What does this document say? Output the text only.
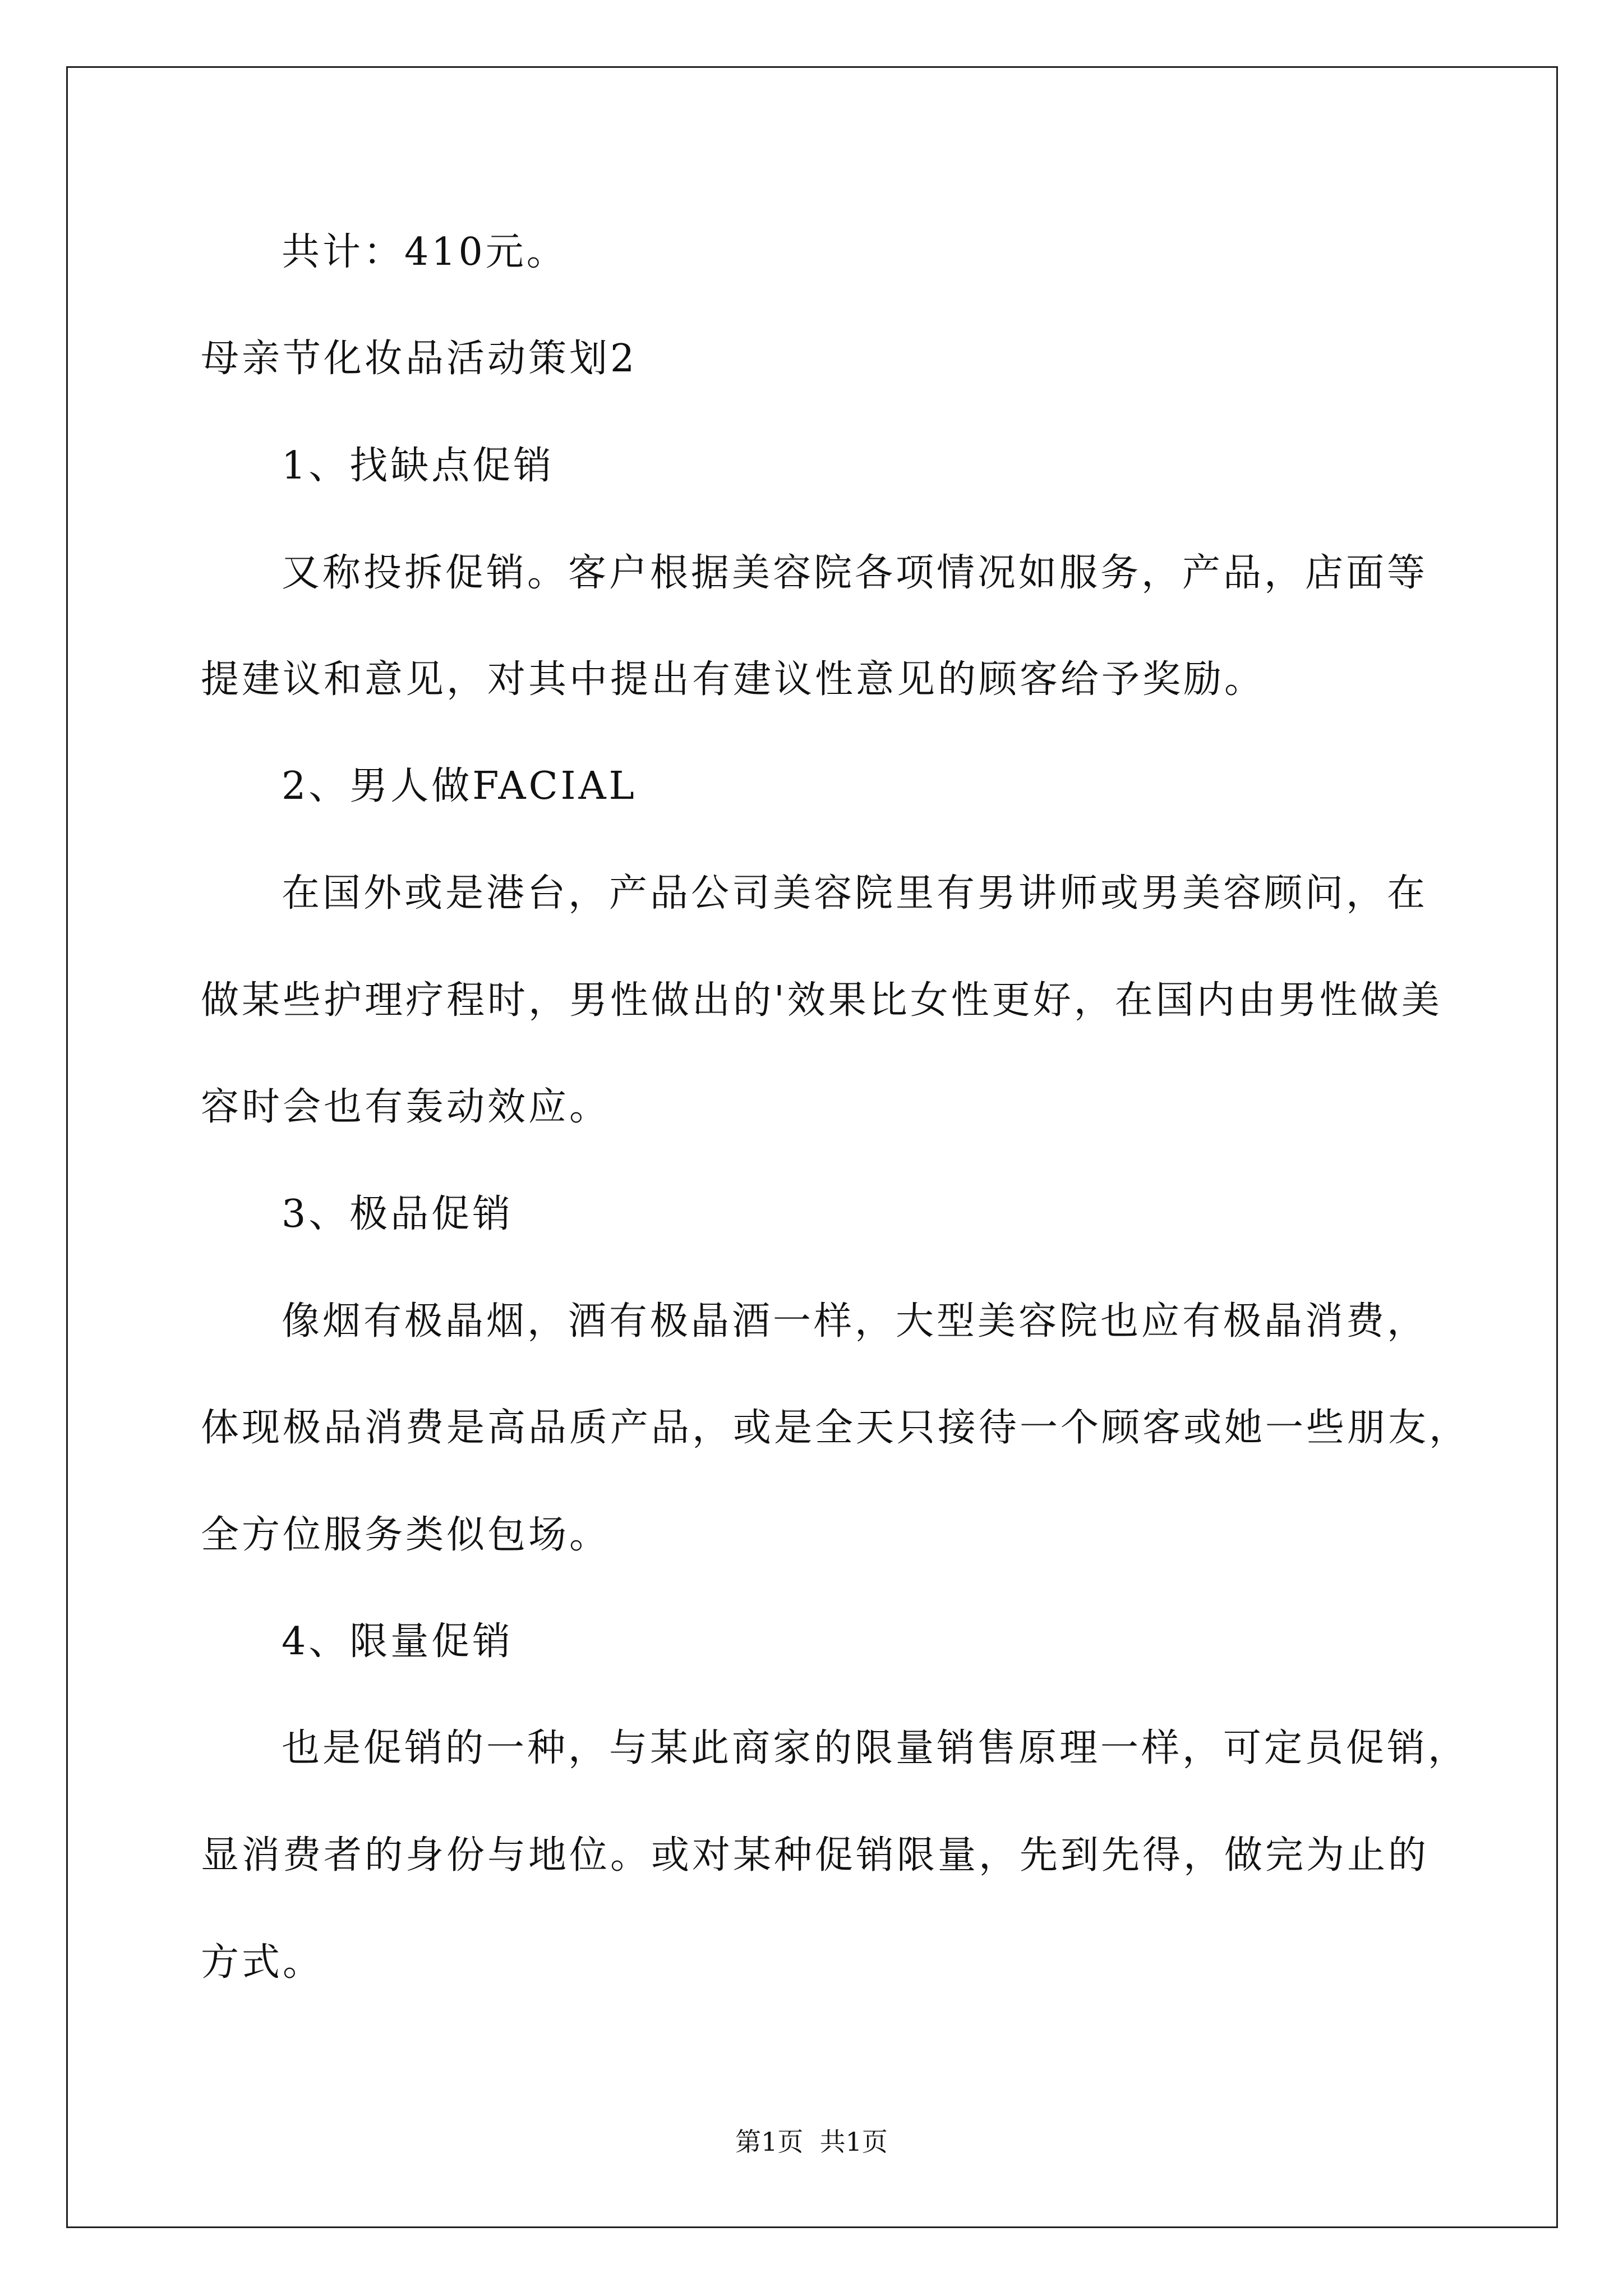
共计：410元。
母亲节化妆品活动策划2
1、找缺点促销
又称投拆促销。客户根据美容院各项情况如服务，产品，店面等
提建议和意见，对其中提出有建议性意见的顾客给予奖励。
2、男人做FACIAL
在国外或是港台，产品公司美容院里有男讲师或男美容顾问，在
做某些护理疗程时，男性做出的'效果比女性更好，在国内由男性做美
容时会也有轰动效应。
3、极品促销
像烟有极晶烟，酒有极晶酒一样，大型美容院也应有极晶消费，
体现极品消费是高品质产品，或是全天只接待一个顾客或她一些朋友，
全方位服务类似包场。
4、限量促销
也是促销的一种，与某此商家的限量销售原理一样，可定员促销，
显消费者的身份与地位。或对某种促销限量，先到先得，做完为止的
方式。
第1页  共1页
